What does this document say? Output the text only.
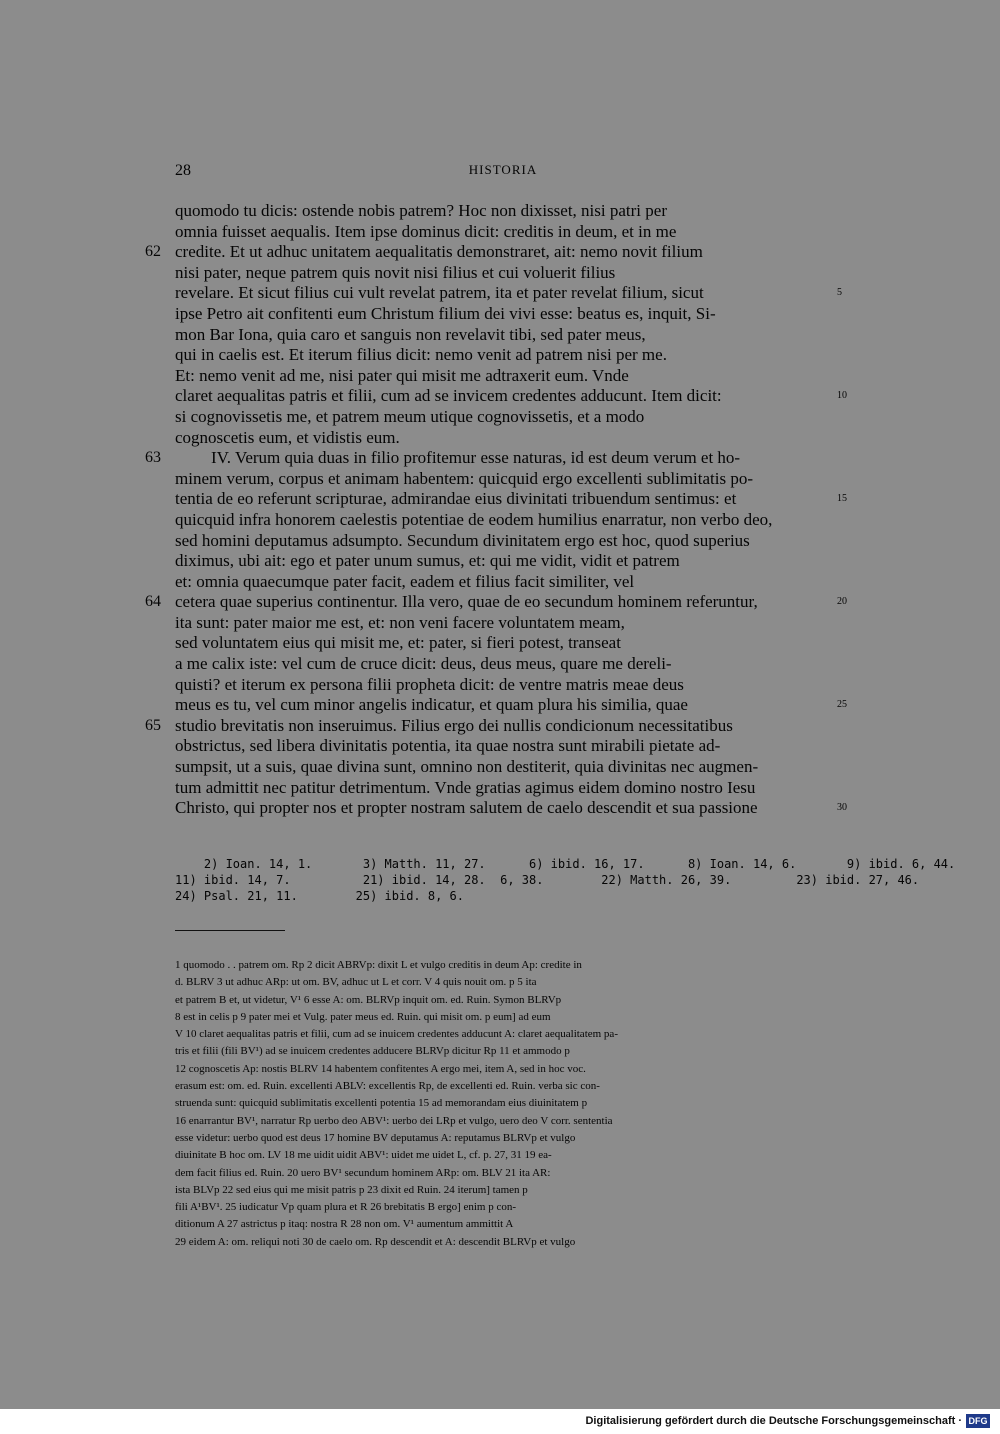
28	HISTORIA
quomodo tu dicis: ostende nobis patrem? Hoc non dixisset, nisi patri per
omnia fuisset aequalis. Item ipse dominus dicit: creditis in deum, et in me
credite. Et ut adhuc unitatem aequalitatis demonstraret, ait: nemo novit filium
62
nisi pater, neque patrem quis novit nisi filius et cui voluerit filius
revelare. Et sicut filius cui vult revelat patrem, ita et pater revelat filium, sicut	5
ipse Petro ait confitenti eum Christum filium dei vivi esse: beatus es, inquit, Si-
mon Bar Iona, quia caro et sanguis non revelavit tibi, sed pater meus,
qui in caelis est. Et iterum filius dicit: nemo venit ad patrem nisi per me.
Et: nemo venit ad me, nisi pater qui misit me adtraxerit eum. Vnde
claret aequalitas patris et filii, cum ad se invicem credentes adducunt. Item dicit:	10
si cognovissetis me, et patrem meum utique cognovissetis, et a modo
cognoscetis eum, et vidistis eum.
IV. Verum quia duas in filio profitemur esse naturas, id est deum verum et ho-
63
minem verum, corpus et animam habentem: quicquid ergo excellenti sublimitatis po-
tentia de eo referunt scripturae, admirandae eius divinitati tribuendum sentimus: et	15
quicquid infra honorem caelestis potentiae de eodem humilius enarratur, non verbo deo,
sed homini deputamus adsumpto. Secundum divinitatem ergo est hoc, quod superius
diximus, ubi ait: ego et pater unum sumus, et: qui me vidit, vidit et patrem
et: omnia quaecumque pater facit, eadem et filius facit similiter, vel
cetera quae superius continentur. Illa vero, quae de eo secundum hominem referuntur,
64	20
ita sunt: pater maior me est, et: non veni facere voluntatem meam,
sed voluntatem eius qui misit me, et: pater, si fieri potest, transeat
a me calix iste: vel cum de cruce dicit: deus, deus meus, quare me dereli-
quisti? et iterum ex persona filii propheta dicit: de ventre matris meae deus
meus es tu, vel cum minor angelis indicatur, et quam plura his similia, quae	25
studio brevitatis non inseruimus. Filius ergo dei nullis condicionum necessitatibus
65
obstrictus, sed libera divinitatis potentia, ita quae nostra sunt mirabili pietate ad-
sumpsit, ut a suis, quae divina sunt, omnino non destiterit, quia divinitas nec augmen-
tum admittit nec patitur detrimentum. Vnde gratias agimus eidem domino nostro Iesu
Christo, qui propter nos et propter nostram salutem de caelo descendit et sua passione	30
2) Ioan. 14, 1.       3) Matth. 11, 27.      6) ibid. 16, 17.      8) Ioan. 14, 6.       9) ibid. 6, 44.
11) ibid. 14, 7.          21) ibid. 14, 28.  6, 38.        22) Matth. 26, 39.         23) ibid. 27, 46.
24) Psal. 21, 11.        25) ibid. 8, 6.
1 quomodo . . patrem om. Rp 2 dicit ABRVp: dixit L et vulgo creditis in deum Ap: credite in
d. BLRV 3 ut adhuc ARp: ut om. BV, adhuc ut L et corr. V 4 quis nouit om. p 5 ita
et patrem B et, ut videtur, V¹ 6 esse A: om. BLRVp inquit om. ed. Ruin. Symon BLRVp
8 est in celis p 9 pater mei et Vulg. pater meus ed. Ruin. qui misit om. p eum] ad eum
V 10 claret aequalitas patris et filii, cum ad se inuicem credentes adducunt A: claret aequalitatem pa-
tris et filii (fili BV¹) ad se inuicem credentes adducere BLRVp dicitur Rp 11 et ammodo p
12 cognoscetis Ap: nostis BLRV 14 habentem confitentes A ergo mei, item A, sed in hoc voc.
erasum est: om. ed. Ruin. excellenti ABLV: excellentis Rp, de excellenti ed. Ruin. verba sic con-
struenda sunt: quicquid sublimitatis excellenti potentia 15 ad memorandam eius diuinitatem p
16 enarrantur BV¹, narratur Rp uerbo deo ABV¹: uerbo dei LRp et vulgo, uero deo V corr. sententia
esse videtur: uerbo quod est deus 17 homine BV deputamus A: reputamus BLRVp et vulgo
diuinitate B hoc om. LV 18 me uidit uidit ABV¹: uidet me uidet L, cf. p. 27, 31 19 ea-
dem facit filius ed. Ruin. 20 uero BV¹ secundum hominem ARp: om. BLV 21 ita AR:
ista BLVp 22 sed eius qui me misit patris p 23 dixit ed Ruin. 24 iterum] tamen p
fili A¹BV¹. 25 iudicatur Vp quam plura et R 26 brebitatis B ergo] enim p con-
ditionum A 27 astrictus p itaq: nostra R 28 non om. V¹ aumentum ammittit A
29 eidem A: om. reliqui noti 30 de caelo om. Rp descendit et A: descendit BLRVp et vulgo
Digitalisierung gefördert durch die Deutsche Forschungsgemeinschaft · DFG
